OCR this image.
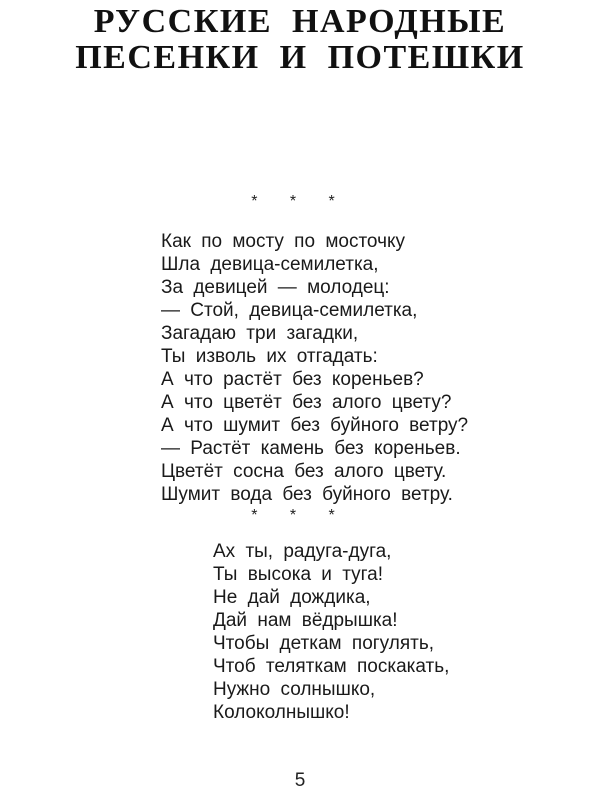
РУССКИЕ НАРОДНЫЕ
ПЕСЕНКИ И ПОТЕШКИ
* * *
Как по мосту по мосточку
Шла девица-семилетка,
За девицей — молодец:
— Стой, девица-семилетка,
Загадаю три загадки,
Ты изволь их отгадать:
А что растёт без кореньев?
А что цветёт без алого цвету?
А что шумит без буйного ветру?
— Растёт камень без кореньев.
Цветёт сосна без алого цвету.
Шумит вода без буйного ветру.
* * *
Ах ты, радуга-дуга,
Ты высока и туга!
Не дай дождика,
Дай нам вёдрышка!
Чтобы деткам погулять,
Чтоб теляткам поскакать,
Нужно солнышко,
Колоколнышко!
5
